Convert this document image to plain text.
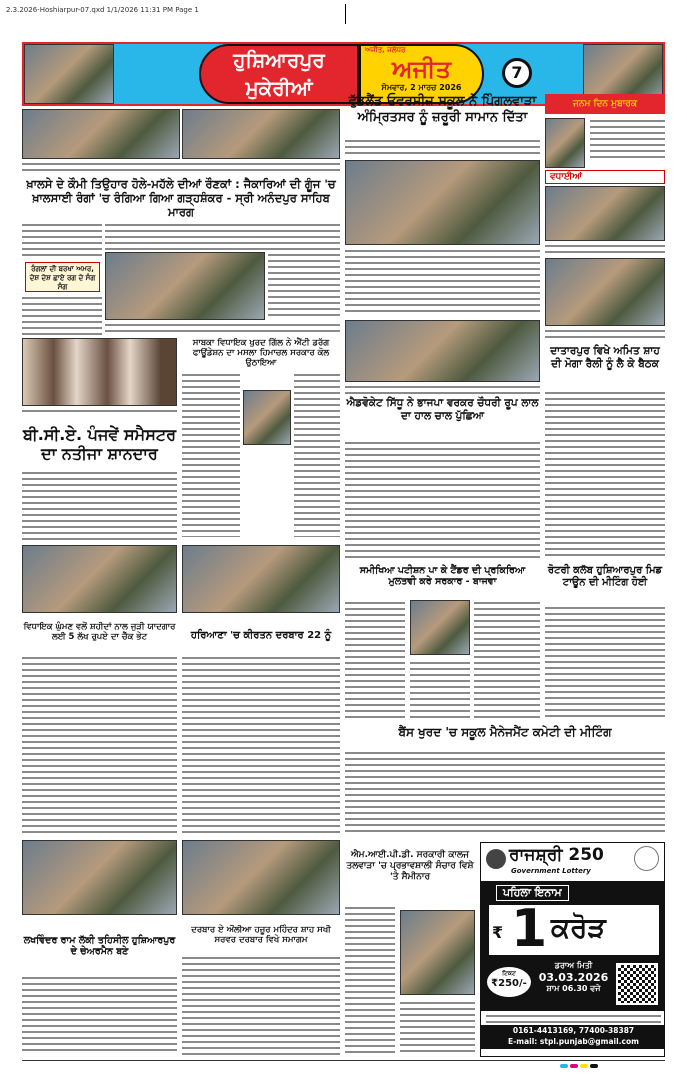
2.3.2026-Hoshiarpur-07.qxd 1/1/2026 11:31 PM Page 1
ਹੁਸ਼ਿਆਰਪੁਰ
ਮੁਕੇਰੀਆਂ
ਅਜੀਤ, ਜਲੰਧਰ
ਅਜੀਤ
ਸੋਮਵਾਰ, 2 ਮਾਰਚ 2026
7
ਖ਼ਾਲਸੇ ਦੇ ਕੌਮੀ ਤਿਉਹਾਰ ਹੋਲੇ-ਮਹੱਲੇ ਦੀਆਂ ਰੌਣਕਾਂ : ਜੈਕਾਰਿਆਂ ਦੀ ਗੂੰਜ 'ਚ ਖ਼ਾਲਸਾਈ ਰੰਗਾਂ 'ਚ ਰੰਗਿਆ ਗਿਆ ਗੜ੍ਹਸ਼ੰਕਰ - ਸ੍ਰੀ ਅਨੰਦਪੁਰ ਸਾਹਿਬ ਮਾਰਗ
ਰੰਗਲਾਂ ਦੀ ਬਰਖਾ ਅਮਰ, ਦੇਸ਼ ਦੇਸ਼ ਛਾਏ ਰਗ ਦੇ ਸੰਗ ਸੰਗ
ਸਾਬਕਾ ਵਿਧਾਇਕ ਖੁਰਦ ਗਿੱਲ ਨੇ ਐਂਟੀ ਡਰੱਗ ਫਾਊਂਡੇਸ਼ਨ ਦਾ ਮਸਲਾ ਹਿਮਾਚਲ ਸਰਕਾਰ ਕੋਲ ਉਠਾਇਆ
ਬੀ.ਸੀ.ਏ. ਪੰਜਵੇਂ ਸਮੈਸਟਰ ਦਾ ਨਤੀਜਾ ਸ਼ਾਨਦਾਰ
ਵਿਧਾਇਕ ਘੁੰਮਣ ਵਲੋਂ ਸ਼ਹੀਦਾਂ ਨਾਲ ਜੁੜੀ ਯਾਦਗਾਰ ਲਈ 5 ਲੱਖ ਰੁਪਏ ਦਾ ਚੈੱਕ ਭੇਟ	ਹਰਿਆਣਾ 'ਚ ਕੀਰਤਨ ਦਰਬਾਰ 22 ਨੂੰ
ਲਖਵਿੰਦਰ ਰਾਮ ਲੱਕੀ ਤਹਿਸੀਲ ਹੁਸ਼ਿਆਰਪੁਰ ਦੇ ਚੇਅਰਮੈਨ ਬਣੇ
ਦਰਬਾਰ ਏ ਔਲੀਆ ਹਜ਼ੂਰ ਮਹਿੰਦਰ ਸ਼ਾਹ ਸਖੀ ਸਰਵਰ ਦਰਬਾਰ ਵਿਖੇ ਸਮਾਗਮ
ਵੁੱਡਲੈਂਡ ਓਵਰਸੀਜ਼ ਸਕੂਲ ਨੇ ਪਿੰਗਲਵਾੜਾ ਅੰਮ੍ਰਿਤਸਰ ਨੂੰ ਜ਼ਰੂਰੀ ਸਾਮਾਨ ਦਿੱਤਾ
ਜਨਮ ਦਿਨ ਮੁਬਾਰਕ
ਵਧਾਈਆਂ
ਐਡਵੋਕੇਟ ਸਿੱਧੂ ਨੇ ਭਾਜਪਾ ਵਰਕਰ ਚੌਧਰੀ ਰੂਪ ਲਾਲ ਦਾ ਹਾਲ ਚਾਲ ਪੁੱਛਿਆ
ਦਾਤਾਰਪੁਰ ਵਿਖੇ ਅਮਿਤ ਸ਼ਾਹ ਦੀ ਮੋਗਾ ਰੈਲੀ ਨੂੰ ਲੈ ਕੇ ਬੈਠਕ
ਸਮੀਖਿਆ ਪਟੀਸ਼ਨ ਪਾ ਕੇ ਟੈਂਡਰ ਦੀ ਪ੍ਰਕਿਰਿਆ ਮੁਲਤਵੀ ਕਰੇ ਸਰਕਾਰ - ਬਾਜਵਾ
ਰੋਟਰੀ ਕਲੱਬ ਹੁਸ਼ਿਆਰਪੁਰ ਮਿਡ ਟਾਊਨ ਦੀ ਮੀਟਿੰਗ ਹੋਈ
ਬੈਂਸ ਖੁਰਦ 'ਚ ਸਕੂਲ ਮੈਨੇਜਮੈਂਟ ਕਮੇਟੀ ਦੀ ਮੀਟਿੰਗ
ਐਮ.ਆਈ.ਪੀ.ਡੀ. ਸਰਕਾਰੀ ਕਾਲਜ ਤਲਵਾੜਾ 'ਚ ਪ੍ਰਭਾਵਸ਼ਾਲੀ ਸੰਚਾਰ ਵਿਸ਼ੇ 'ਤੇ ਸੈਮੀਨਾਰ
ਰਾਜਸ਼੍ਰੀ 250
Government Lottery
ਪਹਿਲਾ ਇਨਾਮ
₹ 1 ਕਰੋੜ
ਟਿਕਟ
₹250/-
ਡਰਾਅ ਮਿਤੀ
03.03.2026
ਸ਼ਾਮ 06.30 ਵਜੇ
0161-4413169, 77400-38387
E-mail: stpl.punjab@gmail.com
